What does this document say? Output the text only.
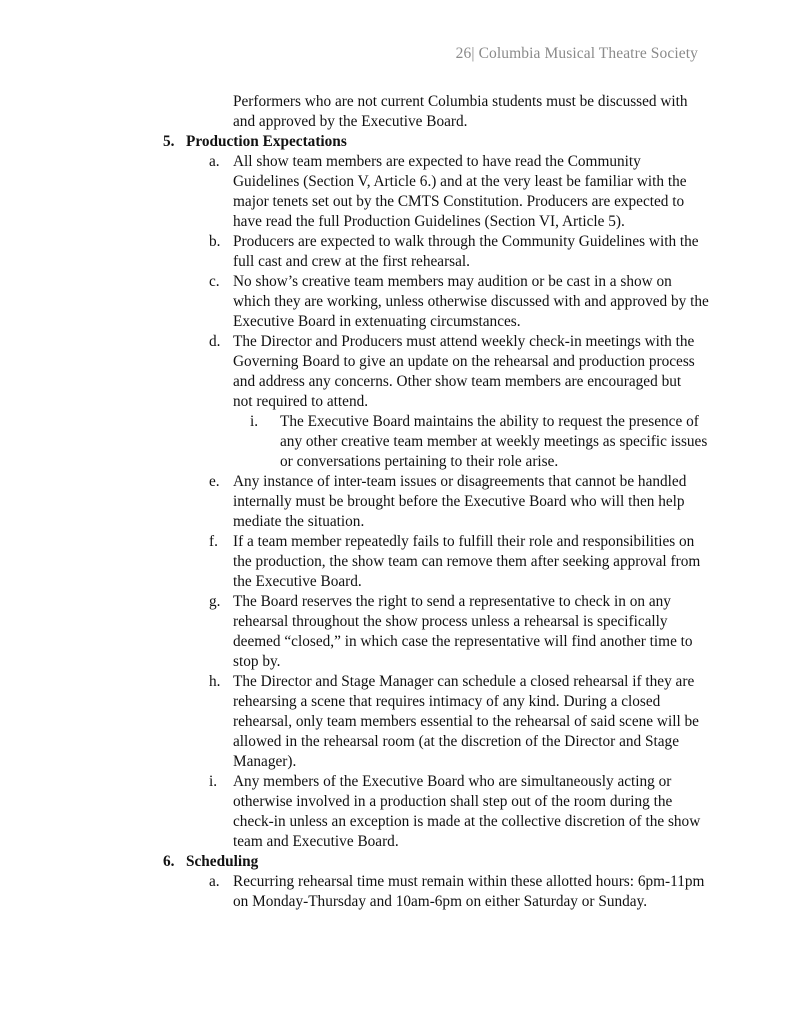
26| Columbia Musical Theatre Society
Performers who are not current Columbia students must be discussed with
and approved by the Executive Board.
5. Production Expectations
a. All show team members are expected to have read the Community
Guidelines (Section V, Article 6.) and at the very least be familiar with the
major tenets set out by the CMTS Constitution. Producers are expected to
have read the full Production Guidelines (Section VI, Article 5).
b. Producers are expected to walk through the Community Guidelines with the
full cast and crew at the first rehearsal.
c. No show’s creative team members may audition or be cast in a show on
which they are working, unless otherwise discussed with and approved by the
Executive Board in extenuating circumstances.
d. The Director and Producers must attend weekly check-in meetings with the
Governing Board to give an update on the rehearsal and production process
and address any concerns. Other show team members are encouraged but
not required to attend.
i. The Executive Board maintains the ability to request the presence of
any other creative team member at weekly meetings as specific issues
or conversations pertaining to their role arise.
e. Any instance of inter-team issues or disagreements that cannot be handled
internally must be brought before the Executive Board who will then help
mediate the situation.
f. If a team member repeatedly fails to fulfill their role and responsibilities on
the production, the show team can remove them after seeking approval from
the Executive Board.
g. The Board reserves the right to send a representative to check in on any
rehearsal throughout the show process unless a rehearsal is specifically
deemed “closed,” in which case the representative will find another time to
stop by.
h. The Director and Stage Manager can schedule a closed rehearsal if they are
rehearsing a scene that requires intimacy of any kind. During a closed
rehearsal, only team members essential to the rehearsal of said scene will be
allowed in the rehearsal room (at the discretion of the Director and Stage
Manager).
i. Any members of the Executive Board who are simultaneously acting or
otherwise involved in a production shall step out of the room during the
check-in unless an exception is made at the collective discretion of the show
team and Executive Board.
6. Scheduling
a. Recurring rehearsal time must remain within these allotted hours: 6pm-11pm
on Monday-Thursday and 10am-6pm on either Saturday or Sunday.
